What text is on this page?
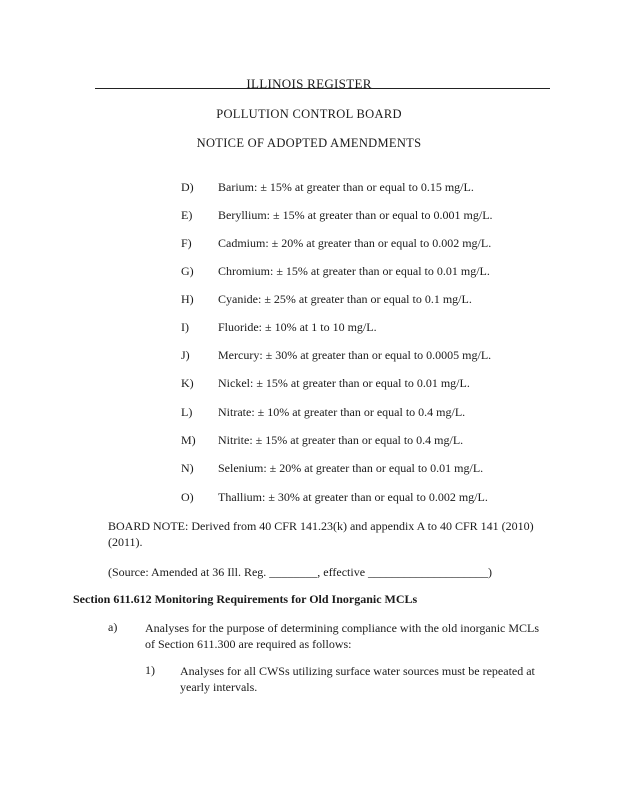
ILLINOIS REGISTER
POLLUTION CONTROL BOARD
NOTICE OF ADOPTED AMENDMENTS
D)	Barium: ± 15% at greater than or equal to 0.15 mg/L.
E)	Beryllium: ± 15% at greater than or equal to 0.001 mg/L.
F)	Cadmium: ± 20% at greater than or equal to 0.002 mg/L.
G)	Chromium: ± 15% at greater than or equal to 0.01 mg/L.
H)	Cyanide: ± 25% at greater than or equal to 0.1 mg/L.
I)	Fluoride: ± 10% at 1 to 10 mg/L.
J)	Mercury: ± 30% at greater than or equal to 0.0005 mg/L.
K)	Nickel: ± 15% at greater than or equal to 0.01 mg/L.
L)	Nitrate: ± 10% at greater than or equal to 0.4 mg/L.
M)	Nitrite: ± 15% at greater than or equal to 0.4 mg/L.
N)	Selenium: ± 20% at greater than or equal to 0.01 mg/L.
O)	Thallium: ± 30% at greater than or equal to 0.002 mg/L.
BOARD NOTE: Derived from 40 CFR 141.23(k) and appendix A to 40 CFR 141 (2010) (2011).
(Source: Amended at 36 Ill. Reg. ________, effective ____________________)
Section 611.612 Monitoring Requirements for Old Inorganic MCLs
a) Analyses for the purpose of determining compliance with the old inorganic MCLs of Section 611.300 are required as follows:
1) Analyses for all CWSs utilizing surface water sources must be repeated at yearly intervals.
